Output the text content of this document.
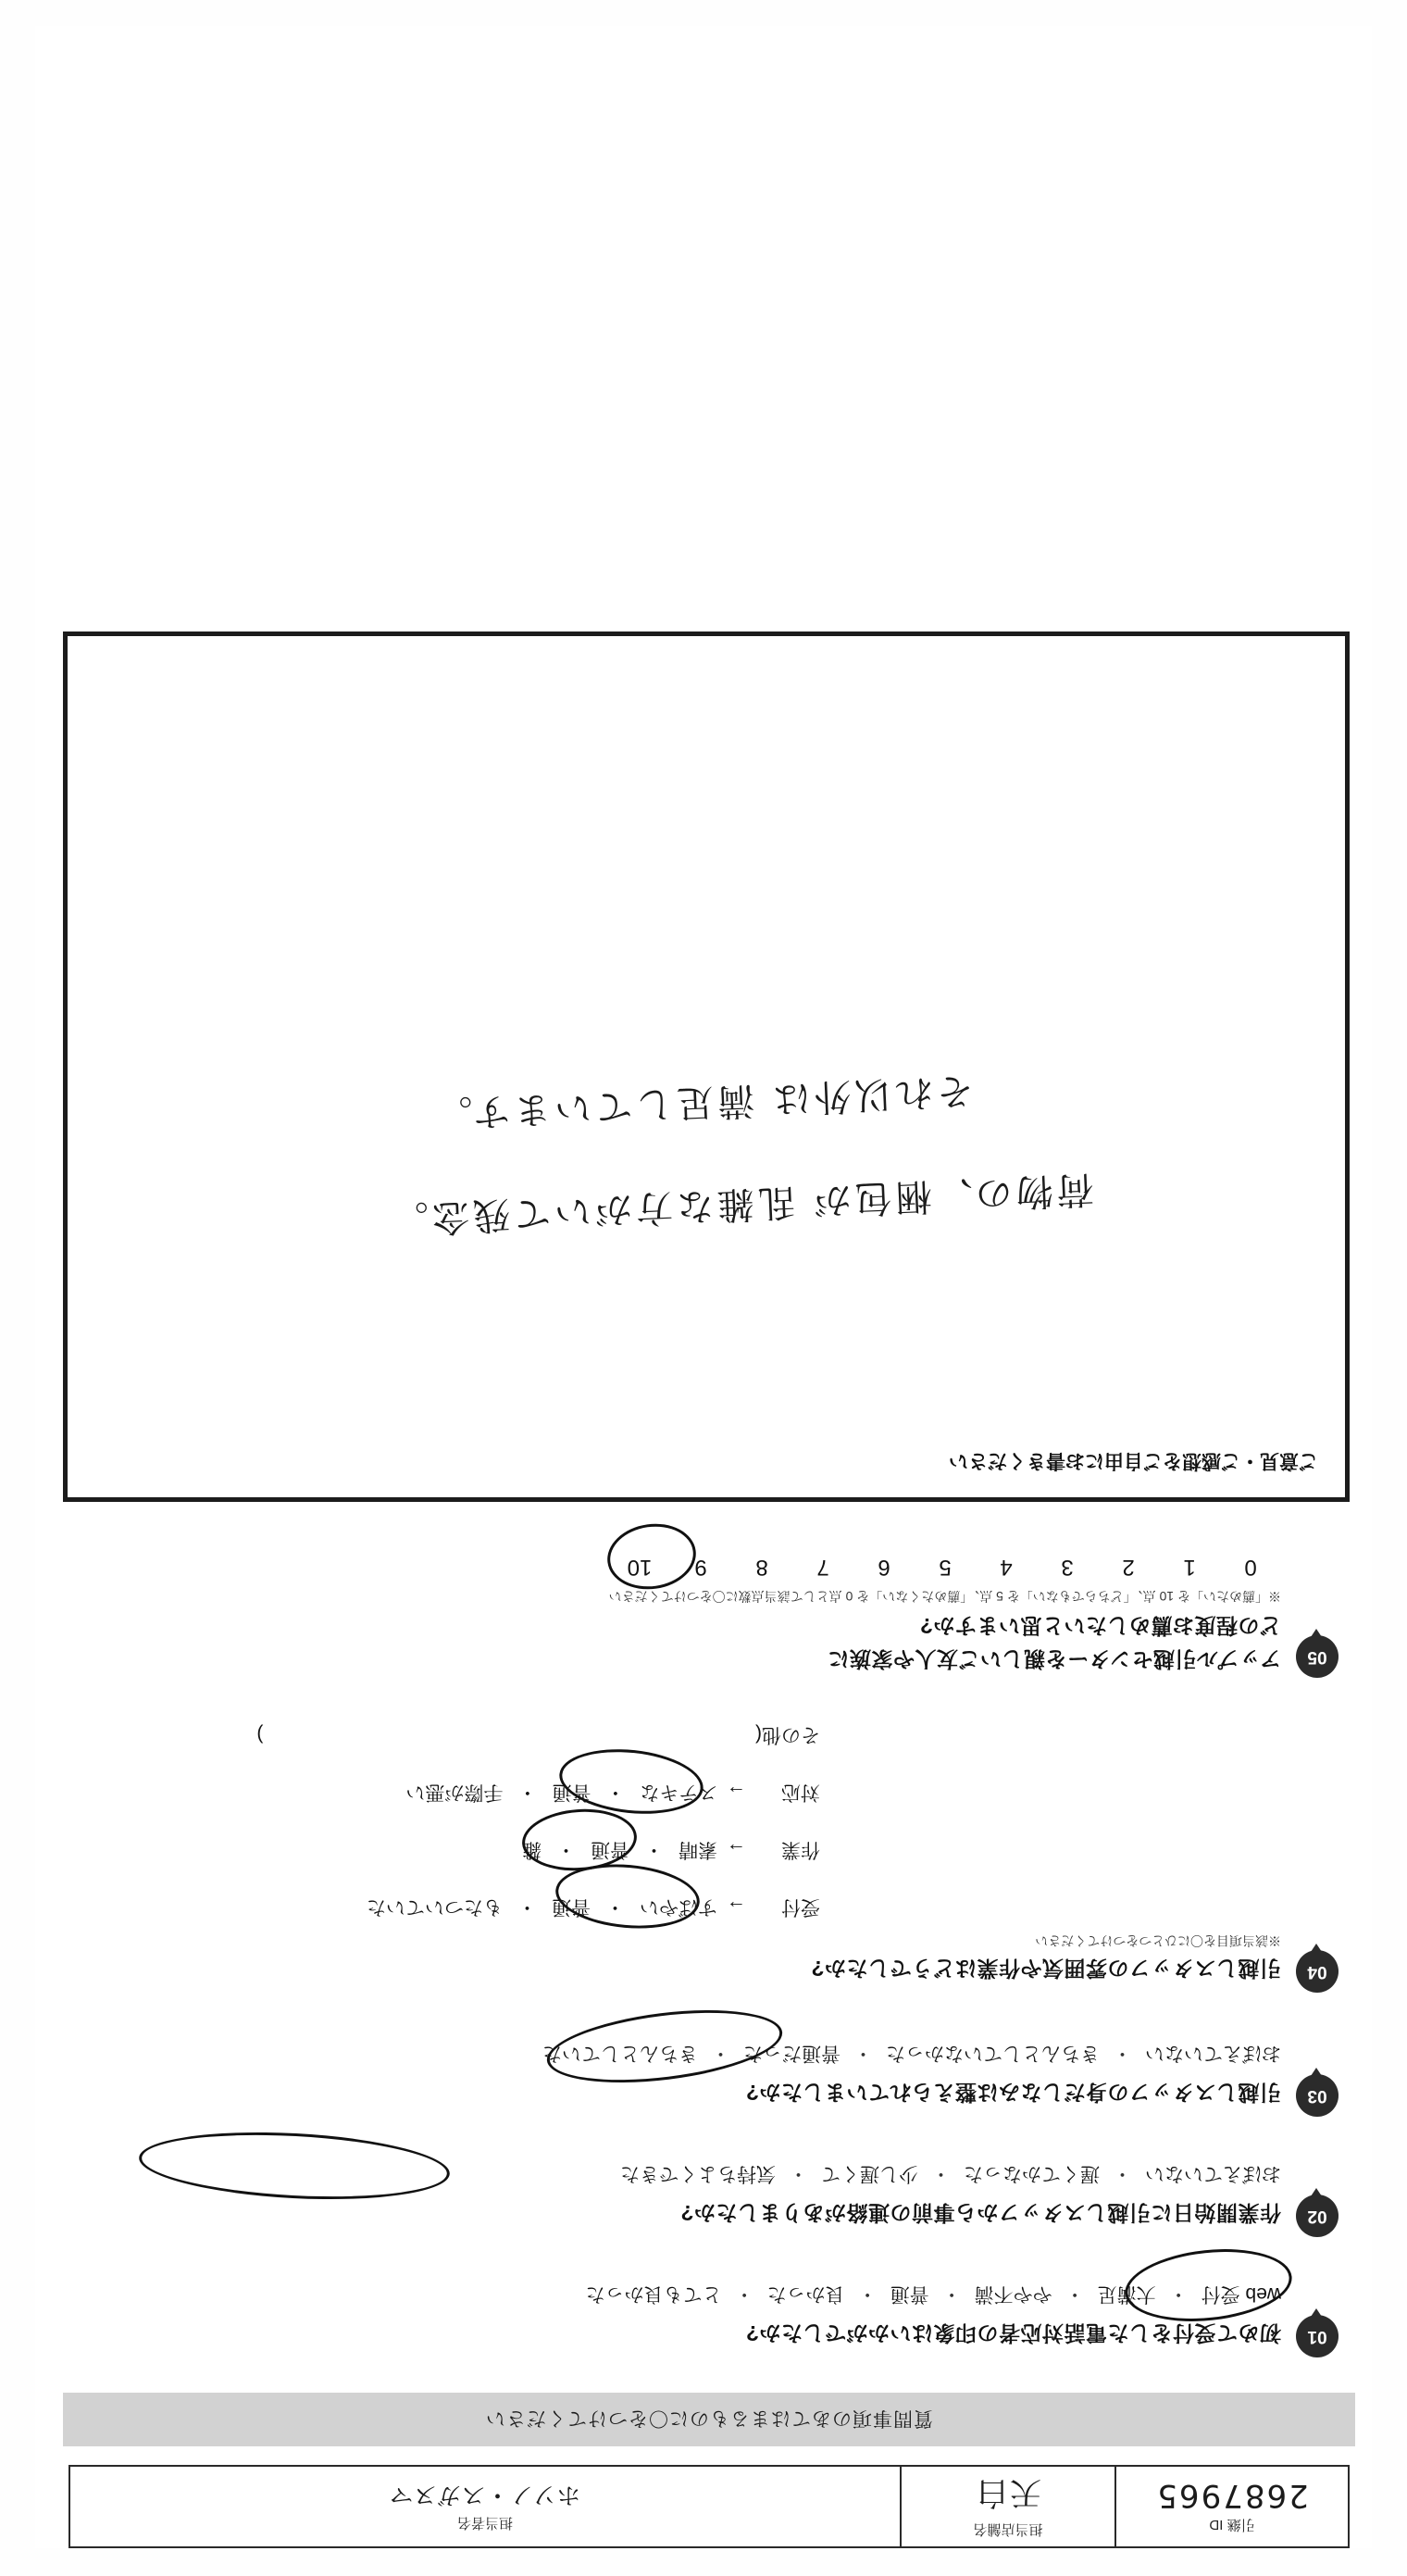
引継 ID
2687965
担当店舗名
天白
担当者名
ホソノ・スガヌマ
質問事項のあてはまるものに〇をつけてください
01
初めて受付をした電話対応者の印象はいかがでしたか?
web 受付・大満足・やや不満・普通・良かった・とても良かった
02
作業開始日に引越しスタッフから事前の連絡がありましたか?
おぼえていない・遅くてかなった・少し遅くて・気持ちよくできた
03
引越しスタッフの身だしなみは整えられていましたか?
おぼえていない・きちんとしていなかった・普通だった・きちんとしていた
04
引越しスタッフの雰囲気や作業はどうでしたか?
※該当項目を〇にひとつをつけてください
受付→すばやい・普通・もたついていた
作業→素晴・普通・雑
対応→ステキな・普通・手際が悪い
その他(  )
05
アップル引越センターを親しいご友人や家族に
どの程度お薦めしたいと思いますか?
※「薦めたい」を 10 点、「どちらでもない」を 5 点、「薦めたくない」を 0 点として該当点数に〇をつけてください
012345678910
ご意見・ご感想をご自由にお書きください
荷物の、梱包が 乱雑な方がいて残念。
それ以外は 満足しています。
